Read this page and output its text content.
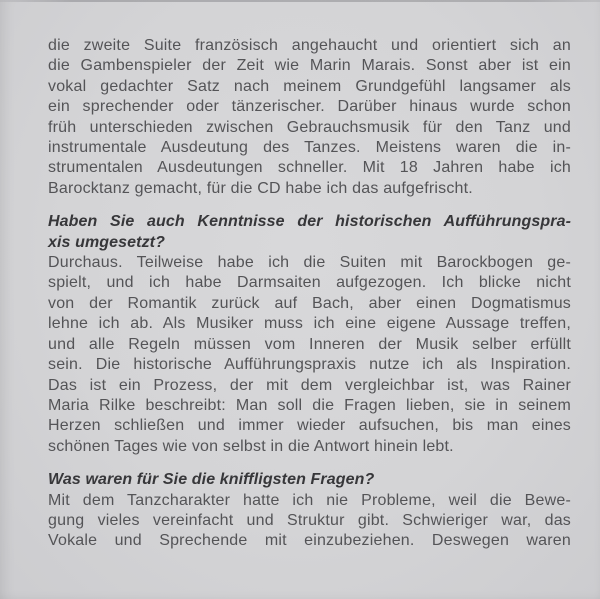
die zweite Suite französisch angehaucht und orientiert sich an
die Gambenspieler der Zeit wie Marin Marais. Sonst aber ist ein
vokal gedachter Satz nach meinem Grundgefühl langsamer als
ein sprechender oder tänzerischer. Darüber hinaus wurde schon
früh unterschieden zwischen Gebrauchsmusik für den Tanz und
instrumentale Ausdeutung des Tanzes. Meistens waren die in-
strumentalen Ausdeutungen schneller. Mit 18 Jahren habe ich
Barocktanz gemacht, für die CD habe ich das aufgefrischt.
Haben Sie auch Kenntnisse der historischen Aufführungspra-
xis umgesetzt?
Durchaus. Teilweise habe ich die Suiten mit Barockbogen ge-
spielt, und ich habe Darmsaiten aufgezogen. Ich blicke nicht
von der Romantik zurück auf Bach, aber einen Dogmatismus
lehne ich ab. Als Musiker muss ich eine eigene Aussage treffen,
und alle Regeln müssen vom Inneren der Musik selber erfüllt
sein. Die historische Aufführungspraxis nutze ich als Inspiration.
Das ist ein Prozess, der mit dem vergleichbar ist, was Rainer
Maria Rilke beschreibt: Man soll die Fragen lieben, sie in seinem
Herzen schließen und immer wieder aufsuchen, bis man eines
schönen Tages wie von selbst in die Antwort hinein lebt.
Was waren für Sie die kniffligsten Fragen?
Mit dem Tanzcharakter hatte ich nie Probleme, weil die Bewe-
gung vieles vereinfacht und Struktur gibt. Schwieriger war, das
Vokale und Sprechende mit einzubeziehen. Deswegen waren
